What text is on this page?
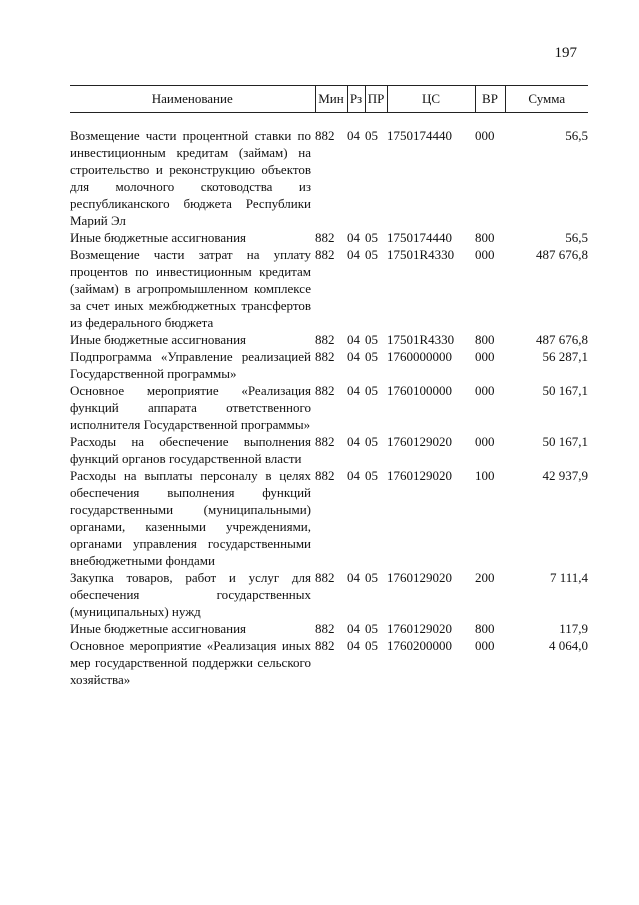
197
Наименование	Мин	Рз	ПР	ЦС	ВР	Сумма

Возмещение части процентной ставки по инвестиционным кредитам (займам) на строительство и реконструкцию объектов для молочного скотоводства из республиканского бюджета Республики Марий Эл	882	04	05	1750174440	000	56,5
Иные бюджетные ассигнования	882	04	05	1750174440	800	56,5
Возмещение части затрат на уплату процентов по инвестиционным кредитам (займам) в агропромышленном комплексе за счет иных межбюджетных трансфертов из федерального бюджета	882	04	05	17501R4330	000	487 676,8
Иные бюджетные ассигнования	882	04	05	17501R4330	800	487 676,8
Подпрограмма «Управление реализацией Государственной программы»	882	04	05	1760000000	000	56 287,1
Основное мероприятие «Реализация функций аппарата ответственного исполнителя Государственной программы»	882	04	05	1760100000	000	50 167,1
Расходы на обеспечение выполнения функций органов государственной власти	882	04	05	1760129020	000	50 167,1
Расходы на выплаты персоналу в целях обеспечения выполнения функций государственными (муниципальными) органами, казенными учреждениями, органами управления государственными внебюджетными фондами	882	04	05	1760129020	100	42 937,9
Закупка товаров, работ и услуг для обеспечения государственных (муниципальных) нужд	882	04	05	1760129020	200	7 111,4
Иные бюджетные ассигнования	882	04	05	1760129020	800	117,9
Основное мероприятие «Реализация иных мер государственной поддержки сельского хозяйства»	882	04	05	1760200000	000	4 064,0
